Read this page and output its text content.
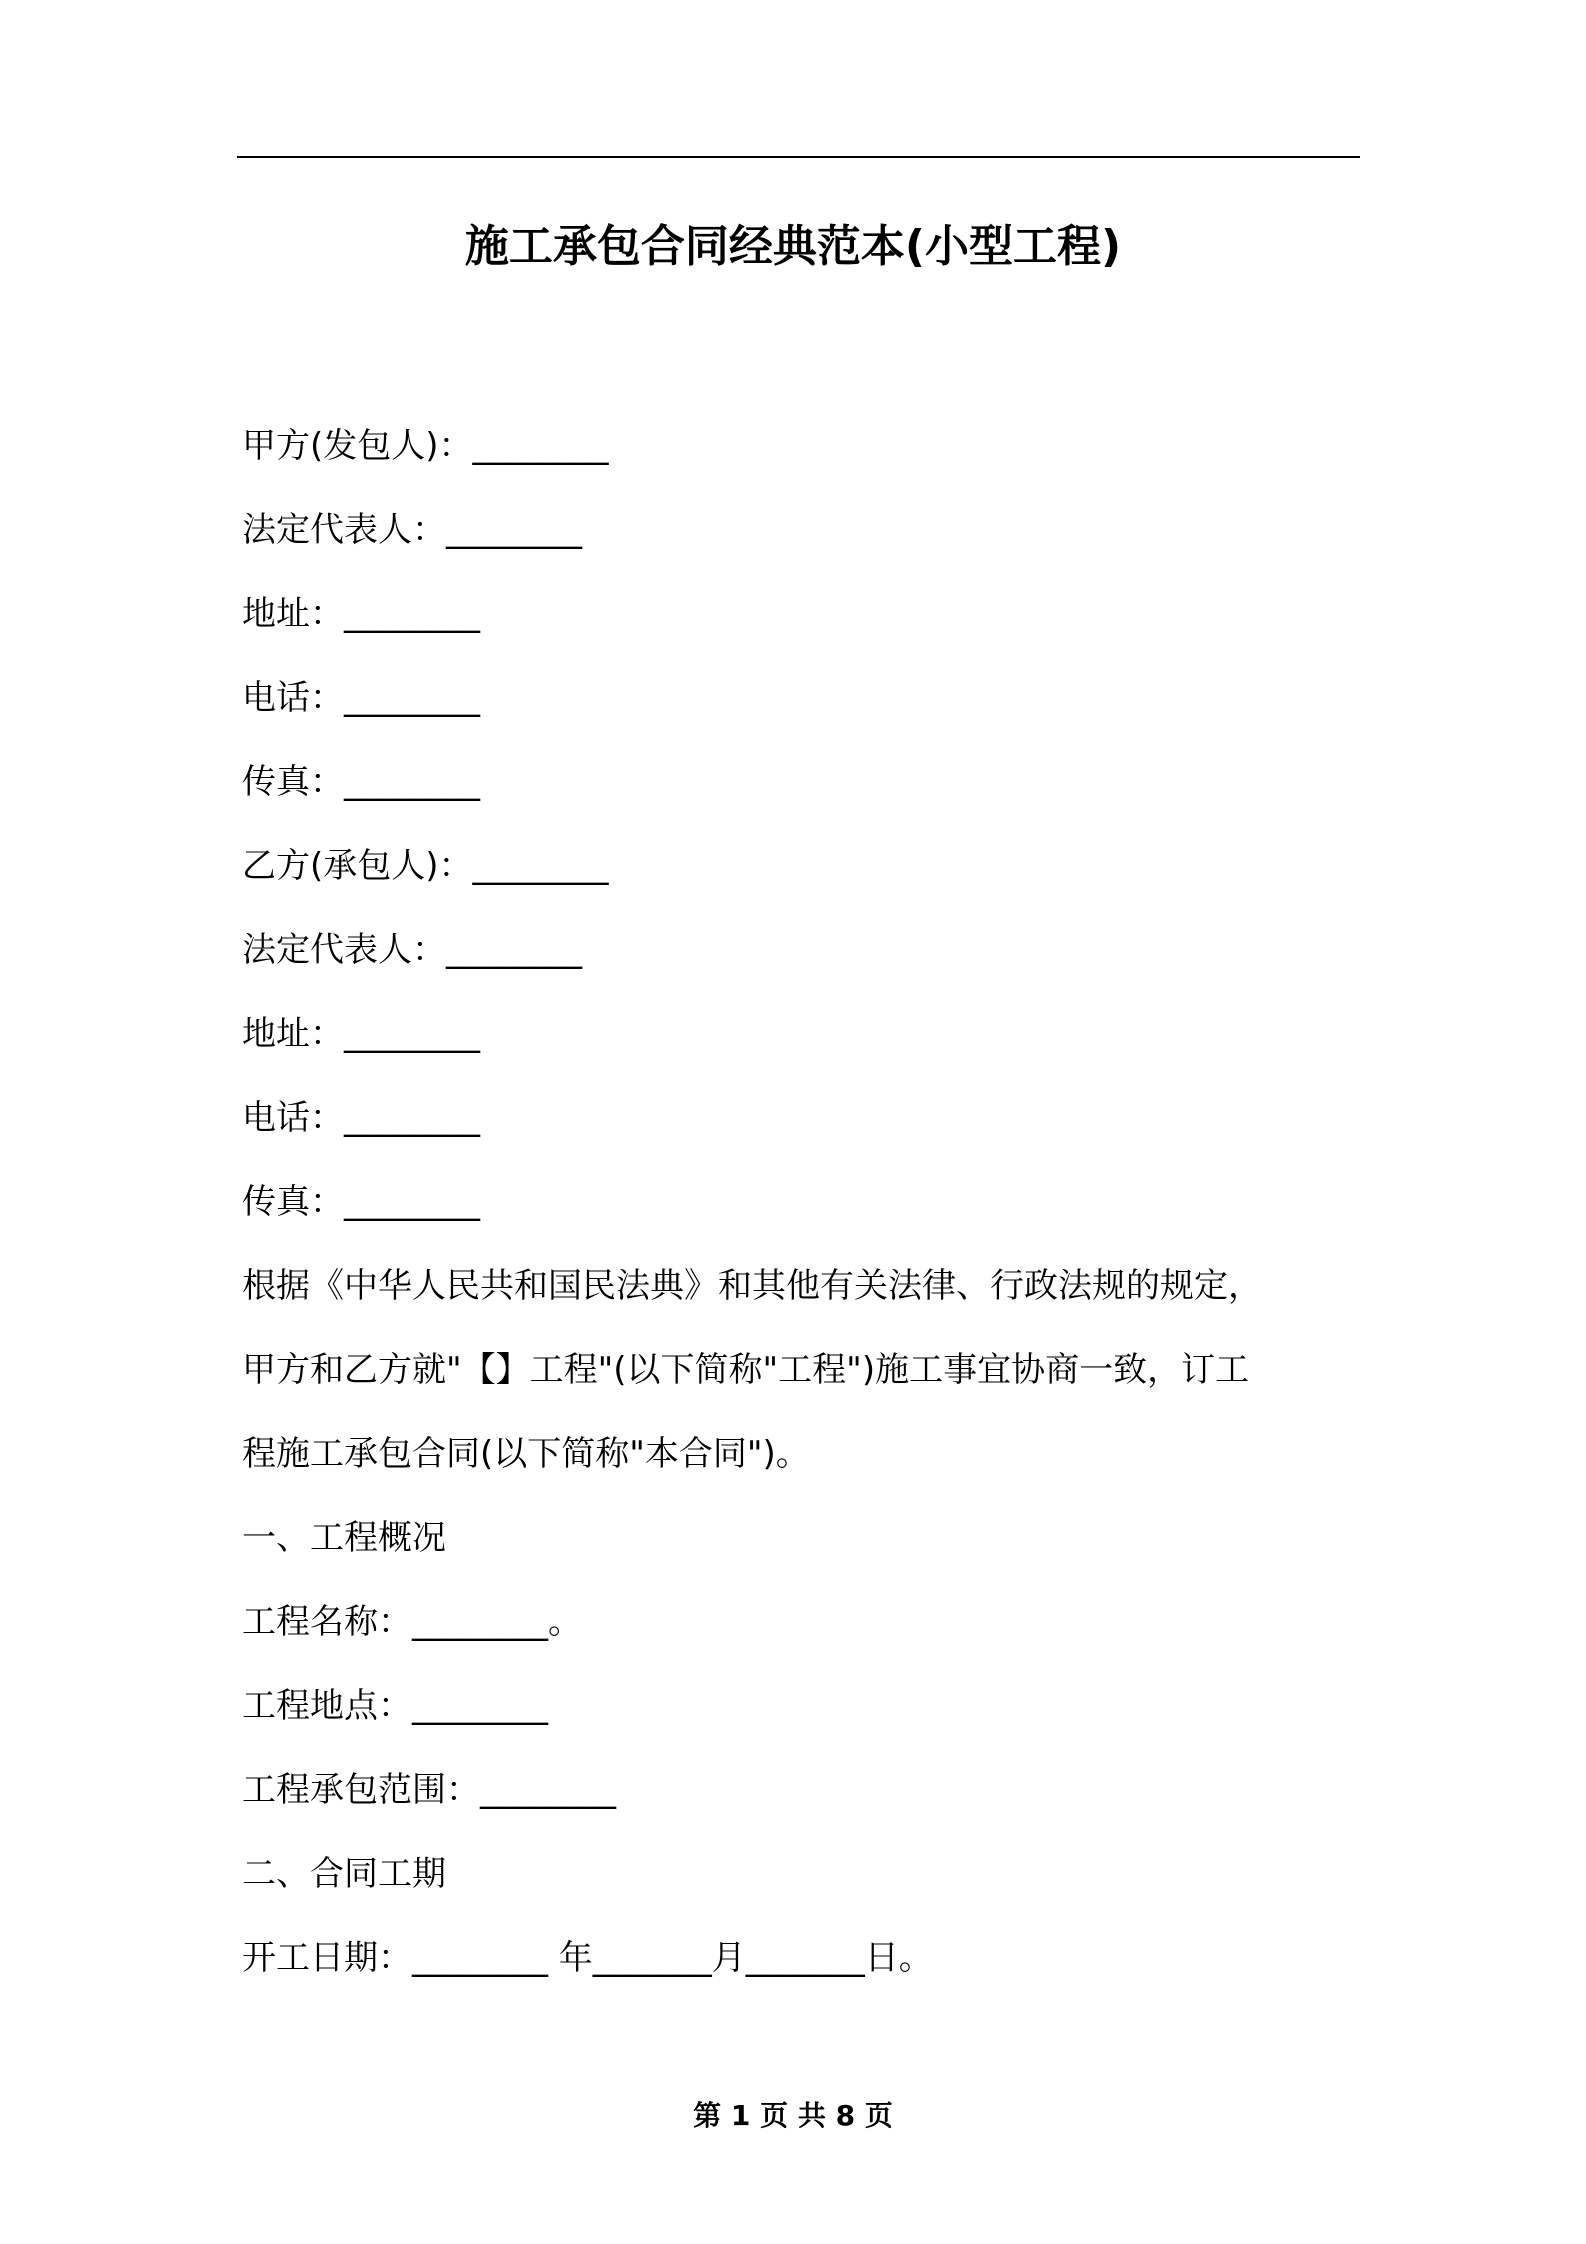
施工承包合同经典范本(小型工程)
甲方(发包人)：________
法定代表人：________
地址：________
电话：________
传真：________
乙方(承包人)：________
法定代表人：________
地址：________
电话：________
传真：________
根据《中华人民共和国民法典》和其他有关法律、行政法规的规定，
甲方和乙方就"【】工程"(以下简称"工程")施工事宜协商一致，订工
程施工承包合同(以下简称"本合同")。
一、工程概况
工程名称：________。
工程地点：________
工程承包范围：________
二、合同工期
开工日期：________ 年_______月_______日。
第 1 页 共 8 页
